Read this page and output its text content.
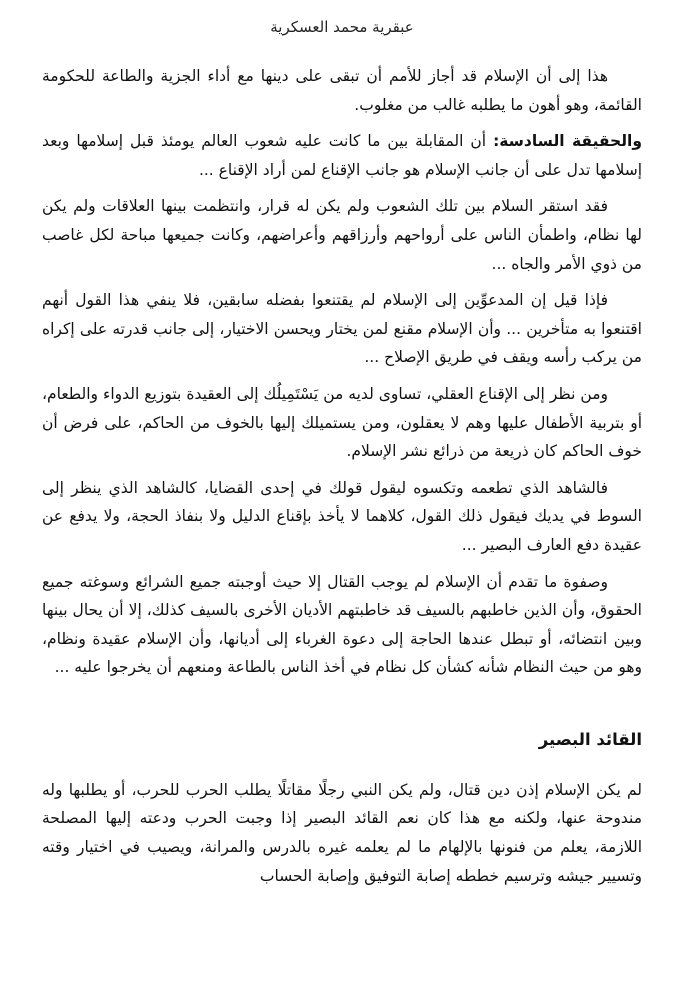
عبقرية محمد العسكرية

هذا إلى أن الإسلام قد أجاز للأمم أن تبقى على دينها مع أداء الجزية والطاعة للحكومة القائمة، وهو أهون ما يطلبه غالب من مغلوب.

والحقيقة السادسة: أن المقابلة بين ما كانت عليه شعوب العالم يومئذ قبل إسلامها وبعد إسلامها تدل على أن جانب الإسلام هو جانب الإقناع لمن أراد الإقناع ...

فقد استقر السلام بين تلك الشعوب ولم يكن له قرار، وانتظمت بينها العلاقات ولم يكن لها نظام، واطمأن الناس على أرواحهم وأرزاقهم وأعراضهم، وكانت جميعها مباحة لكل غاصب من ذوي الأمر والجاه ...

فإذا قيل إن المدعوِّين إلى الإسلام لم يقتنعوا بفضله سابقين، فلا ينفي هذا القول أنهم اقتنعوا به متأخرين ... وأن الإسلام مقنع لمن يختار ويحسن الاختيار، إلى جانب قدرته على إكراه من يركب رأسه ويقف في طريق الإصلاح ...

ومن نظر إلى الإقناع العقلي، تساوى لديه من يَسْتَمِيلُك إلى العقيدة بتوزيع الدواء والطعام، أو بتربية الأطفال عليها وهم لا يعقلون، ومن يستميلك إليها بالخوف من الحاكم، على فرض أن خوف الحاكم كان ذريعة من ذرائع نشر الإسلام.

فالشاهد الذي تطعمه وتكسوه ليقول قولك في إحدى القضايا، كالشاهد الذي ينظر إلى السوط في يديك فيقول ذلك القول، كلاهما لا يأخذ بإقناع الدليل ولا بنفاذ الحجة، ولا يدفع عن عقيدة دفع العارف البصير ...

وصفوة ما تقدم أن الإسلام لم يوجب القتال إلا حيث أوجبته جميع الشرائع وسوغته جميع الحقوق، وأن الذين خاطبهم بالسيف قد خاطبتهم الأديان الأخرى بالسيف كذلك، إلا أن يحال بينها وبين انتضائه، أو تبطل عندها الحاجة إلى دعوة الغرباء إلى أديانها، وأن الإسلام عقيدة ونظام، وهو من حيث النظام شأنه كشأن كل نظام في أخذ الناس بالطاعة ومنعهم أن يخرجوا عليه ...

القائد البصير

لم يكن الإسلام إذن دين قتال، ولم يكن النبي رجلًا مقاتلًا يطلب الحرب للحرب، أو يطلبها وله مندوحة عنها، ولكنه مع هذا كان نعم القائد البصير إذا وجبت الحرب ودعته إليها المصلحة اللازمة، يعلم من فنونها بالإلهام ما لم يعلمه غيره بالدرس والمرانة، ويصيب في اختيار وقته وتسيير جيشه وترسيم خططه إصابة التوفيق وإصابة الحساب
